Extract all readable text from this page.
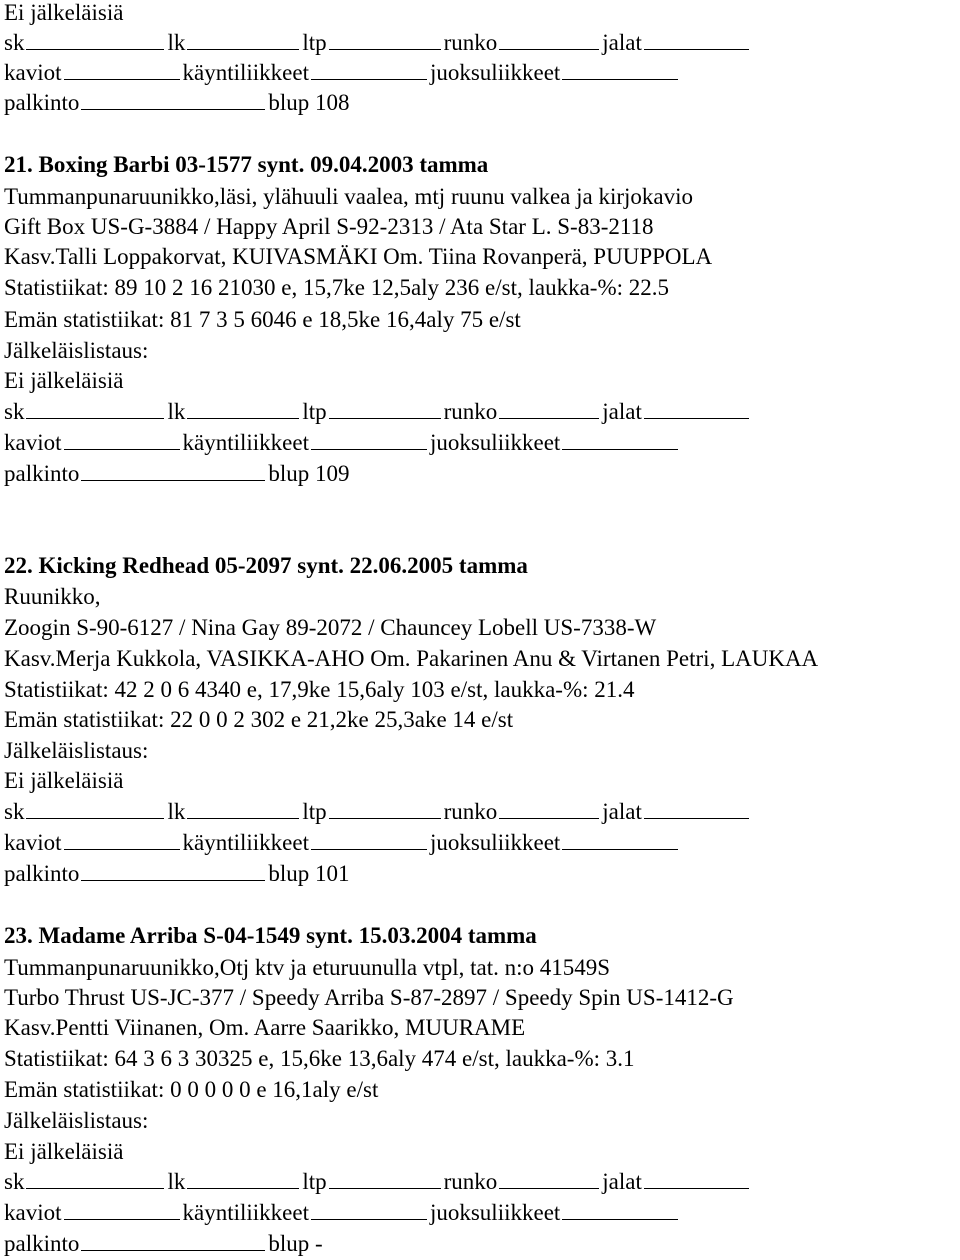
Ei jälkeläisiä
sk	lk	ltp	runko	jalat
kaviot	käyntiliikkeet	juoksuliikkeet
palkinto	blup 108
21. Boxing Barbi 03-1577 synt. 09.04.2003 tamma
Tummanpunaruunikko,läsi, ylähuuli vaalea, mtj ruunu valkea ja kirjokavio
Gift Box US-G-3884 / Happy April S-92-2313 / Ata Star L. S-83-2118
Kasv.Talli Loppakorvat, KUIVASMÄKI Om. Tiina Rovanperä, PUUPPOLA
Statistiikat: 89 10 2 16 21030 e, 15,7ke 12,5aly 236 e/st, laukka-%: 22.5
Emän statistiikat: 81 7 3 5 6046 e 18,5ke 16,4aly 75 e/st
Jälkeläislistaus:
Ei jälkeläisiä
sk	lk	ltp	runko	jalat
kaviot	käyntiliikkeet	juoksuliikkeet
palkinto	blup 109
22. Kicking Redhead 05-2097 synt. 22.06.2005 tamma
Ruunikko,
Zoogin S-90-6127 / Nina Gay 89-2072 / Chauncey Lobell US-7338-W
Kasv.Merja Kukkola, VASIKKA-AHO Om. Pakarinen Anu & Virtanen Petri, LAUKAA
Statistiikat: 42 2 0 6 4340 e, 17,9ke 15,6aly 103 e/st, laukka-%: 21.4
Emän statistiikat: 22 0 0 2 302 e 21,2ke 25,3ake 14 e/st
Jälkeläislistaus:
Ei jälkeläisiä
sk	lk	ltp	runko	jalat
kaviot	käyntiliikkeet	juoksuliikkeet
palkinto	blup 101
23. Madame Arriba S-04-1549 synt. 15.03.2004 tamma
Tummanpunaruunikko,Otj ktv ja eturuunulla vtpl, tat. n:o 41549S
Turbo Thrust US-JC-377 / Speedy Arriba S-87-2897 / Speedy Spin US-1412-G
Kasv.Pentti Viinanen, Om. Aarre Saarikko, MUURAME
Statistiikat: 64 3 6 3 30325 e, 15,6ke 13,6aly 474 e/st, laukka-%: 3.1
Emän statistiikat: 0 0 0 0 0 e 16,1aly e/st
Jälkeläislistaus:
Ei jälkeläisiä
sk	lk	ltp	runko	jalat
kaviot	käyntiliikkeet	juoksuliikkeet
palkinto	blup -
